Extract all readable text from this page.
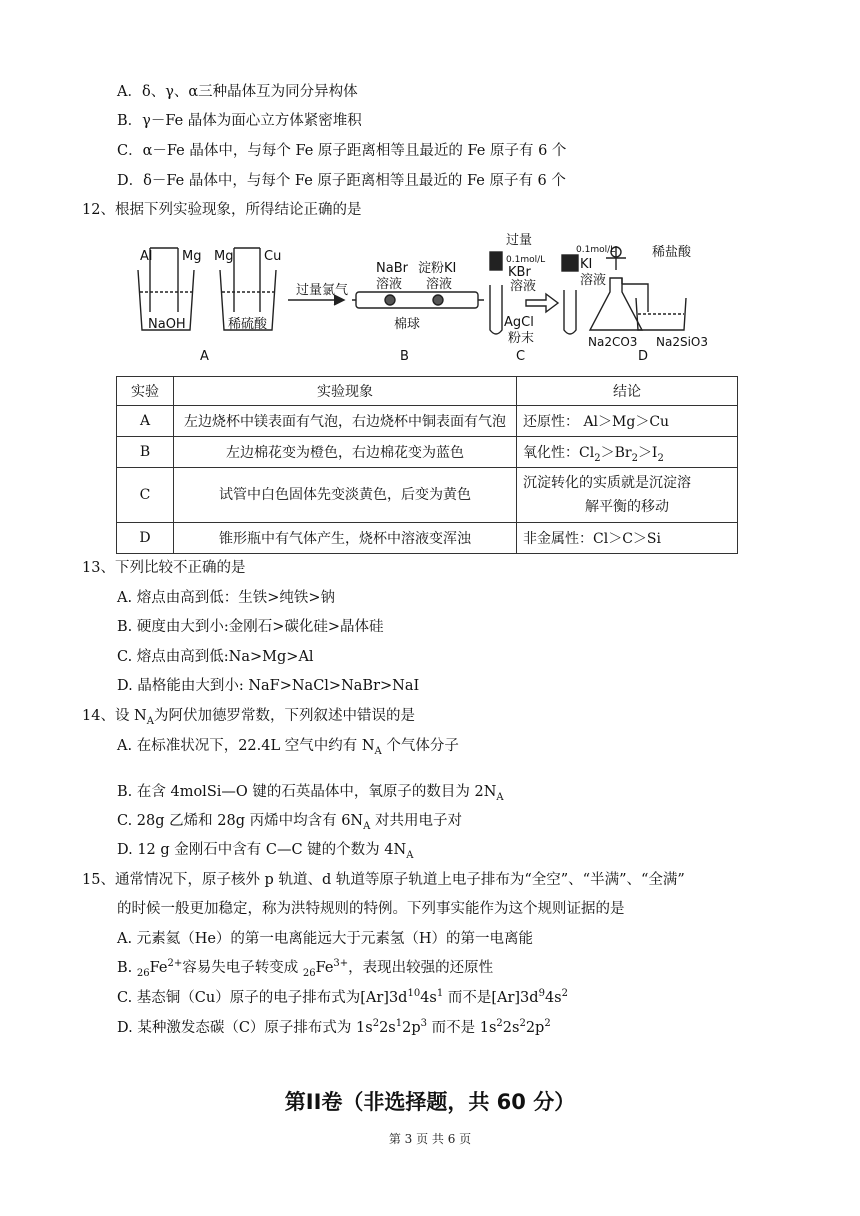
A．δ、γ、α三种晶体互为同分异构体
B．γ－Fe 晶体为面心立方体紧密堆积
C．α－Fe 晶体中，与每个 Fe 原子距离相等且最近的 Fe 原子有 6 个
D．δ－Fe 晶体中，与每个 Fe 原子距离相等且最近的 Fe 原子有 6 个
12、根据下列实验现象，所得结论正确的是
Al Mg Mg Cu
NaOH	稀硫酸
A
过量氯气
NaBr
溶液
淀粉KI
溶液
棉球
B
过量
0.1mol/L
KBr
溶液
0.1mol/L
KI
溶液
AgCl
粉末
C
稀盐酸
Na2CO3 Na2SiO3
D
实验	实验现象	结论
A	左边烧杯中镁表面有气泡，右边烧杯中铜表面有气泡	还原性： Al＞Mg＞Cu
B	左边棉花变为橙色，右边棉花变为蓝色	氧化性：$Cl_2>Br_2>I_2$
C	试管中白色固体先变淡黄色，后变为黄色	沉淀转化的实质就是沉淀溶
解平衡的移动

D	锥形瓶中有气体产生，烧杯中溶液变浑浊	非金属性：Cl＞C＞Si
13、下列比较不正确的是
A. 熔点由高到低：生铁>纯铁>钠
B. 硬度由大到小:金刚石>碳化硅>晶体硅
C. 熔点由高到低:Na>Mg>Al
D. 晶格能由大到小: NaF>NaCl>NaBr>NaI
14、设 $N_A$为阿伏加德罗常数，下列叙述中错误的是
A. 在标准状况下，22.4L 空气中约有 $N_A$ 个气体分子
B. 在含 4molSi—O 键的石英晶体中，氧原子的数目为 $2N_A$
C. 28g 乙烯和 28g 丙烯中均含有 $6N_A$ 对共用电子对
D. 12 g 金刚石中含有 C—C 键的个数为 $4N_A$
15、通常情况下，原子核外 p 轨道、d 轨道等原子轨道上电子排布为“全空”、“半满”、“全满”
的时候一般更加稳定，称为洪特规则的特例。下列事实能作为这个规则证据的是
A. 元素氦（He）的第一电离能远大于元素氢（H）的第一电离能
B. $_{26}Fe^{2+}$容易失电子转变成 $_{26}Fe^{3+}$，表现出较强的还原性
C. 基态铜（Cu）原子的电子排布式为$[Ar]3d^{10}4s^1$ 而不是$[Ar]3d^94s^2$
D. 某种激发态碳（C）原子排布式为 $1s^22s^12p^3$ 而不是 $1s^22s^22p^2$
第II卷（非选择题，共 60 分）
第 3 页 共 6 页
